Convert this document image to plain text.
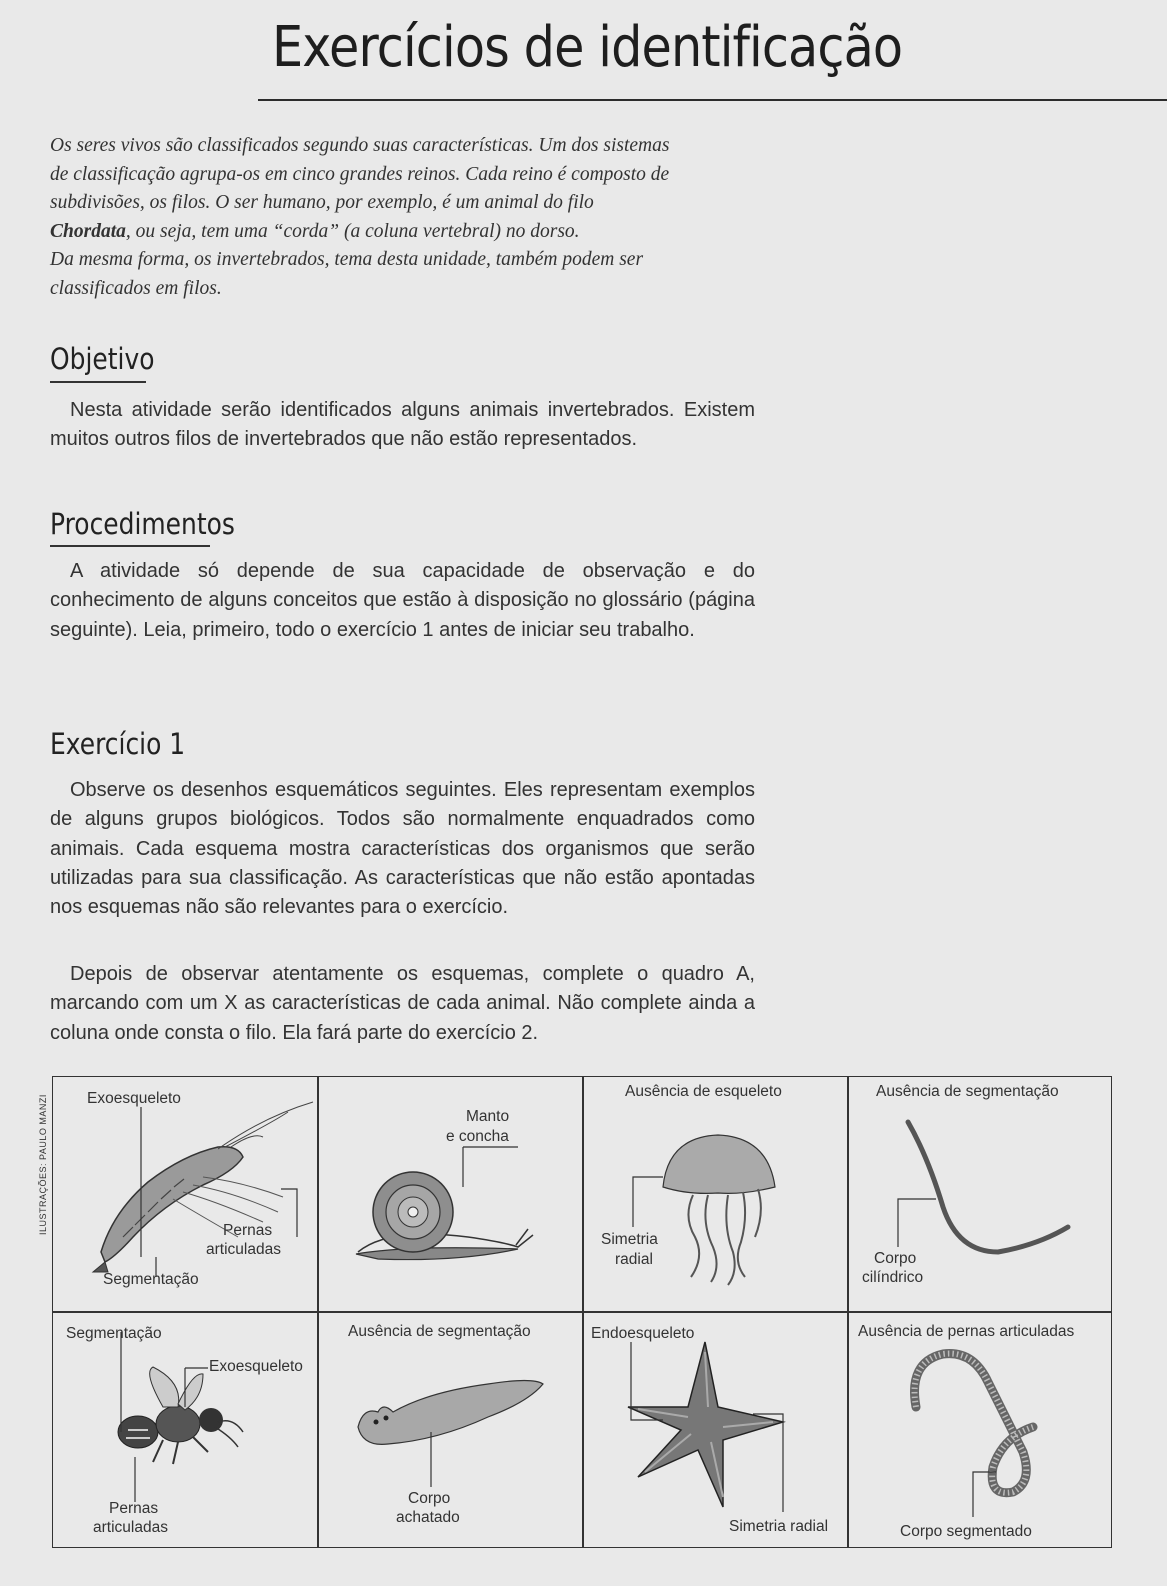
Exercícios de identificação

Os seres vivos são classificados segundo suas características. Um dos sistemas

de classificação agrupa-os em cinco grandes reinos. Cada reino é composto de

subdivisões, os filos. O ser humano, por exemplo, é um animal do filo

Chordata, ou seja, tem uma “corda” (a coluna vertebral) no dorso.

Da mesma forma, os invertebrados, tema desta unidade, também podem ser

classificados em filos.

Objetivo

Nesta atividade serão identificados alguns animais invertebrados. Existem muitos outros filos de invertebrados que não estão representados.

Procedimentos

A atividade só depende de sua capacidade de observação e do conhecimento de alguns conceitos que estão à disposição no glossário (página seguinte). Leia, primeiro, todo o exercício 1 antes de iniciar seu trabalho.

Exercício 1

Observe os desenhos esquemáticos seguintes. Eles representam exemplos de alguns grupos biológicos. Todos são normalmente enquadrados como animais. Cada esquema mostra características dos organismos que serão utilizadas para sua classificação. As características que não estão apontadas nos esquemas não são relevantes para o exercício.

Depois de observar atentamente os esquemas, complete o quadro A, marcando com um X as características de cada animal. Não complete ainda a coluna onde consta o filo. Ela fará parte do exercício 2.

ILUSTRAÇÕES: PAULO MANZI	Exoesqueleto
Pernas
articuladas
Segmentação
Manto
e concha
Ausência de esqueleto
Simetria
radial
Ausência de segmentação
Corpo
cilíndrico
Segmentação
Exoesqueleto
Pernas
articuladas
Ausência de segmentação
Corpo
achatado
Endoesqueleto
Simetria radial
Ausência de pernas articuladas
Corpo segmentado
